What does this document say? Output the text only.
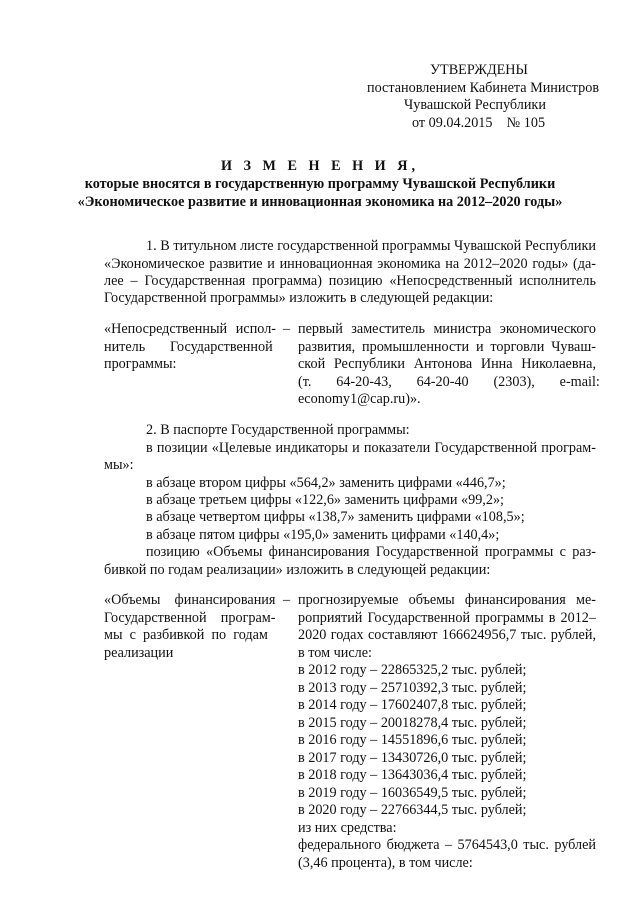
УТВЕРЖДЕНЫ
постановлением Кабинета Министров
Чувашской Республики
от 09.04.2015    № 105
И З М Е Н Е Н И Я,
которые вносятся в государственную программу Чувашской Республики
«Экономическое развитие и инновационная экономика на 2012–2020 годы»
1. В титульном листе государственной программы Чувашской Республики
«Экономическое развитие и инновационная экономика на 2012–2020 годы» (да-
лее – Государственная программа) позицию «Непосредственный исполнитель
Государственной программы» изложить в следующей редакции:
«Непосредственный испол-
нитель       Государственной
программы:
– первый заместитель министра экономического
развития, промышленности и торговли Чуваш-
ской Республики Антонова Инна Николаевна,
(т.       64-20-43,       64-20-40       (2303),       e-mail:
economy1@cap.ru)».
2. В паспорте Государственной программы:
в позиции «Целевые индикаторы и показатели Государственной програм-
мы»:
в абзаце втором цифры «564,2» заменить цифрами «446,7»;
в абзаце третьем цифры «122,6» заменить цифрами «99,2»;
в абзаце четвертом цифры «138,7» заменить цифрами «108,5»;
в абзаце пятом цифры «195,0» заменить цифрами «140,4»;
позицию «Объемы финансирования Государственной программы с раз-
бивкой по годам реализации» изложить в следующей редакции:
«Объемы    финансирования
Государственной    програм-
мы  с  разбивкой  по  годам
реализации
– прогнозируемые объемы финансирования ме-
роприятий Государственной программы в 2012–
2020 годах составляют 166624956,7 тыс. рублей,
в том числе:
в 2012 году – 22865325,2 тыс. рублей;
в 2013 году – 25710392,3 тыс. рублей;
в 2014 году – 17602407,8 тыс. рублей;
в 2015 году – 20018278,4 тыс. рублей;
в 2016 году – 14551896,6 тыс. рублей;
в 2017 году – 13430726,0 тыс. рублей;
в 2018 году – 13643036,4 тыс. рублей;
в 2019 году – 16036549,5 тыс. рублей;
в 2020 году – 22766344,5 тыс. рублей;
из них средства:
федерального бюджета – 5764543,0 тыс. рублей
(3,46 процента), в том числе:
